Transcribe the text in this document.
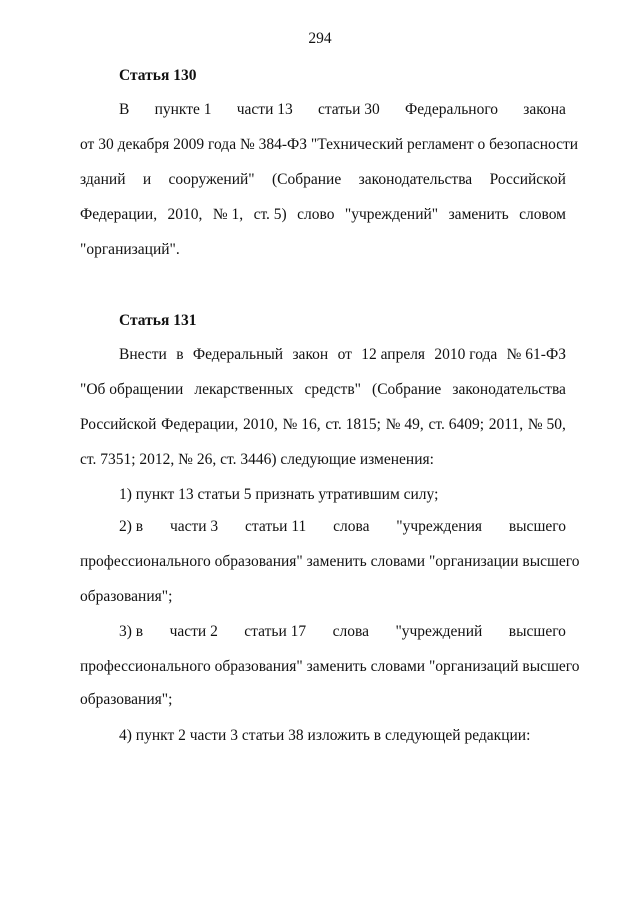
294
Статья 130
В пункте 1 части 13 статьи 30 Федерального закона
от 30 декабря 2009 года № 384-ФЗ "Технический регламент о безопасности
зданий и сооружений" (Собрание законодательства Российской
Федерации, 2010, № 1, ст. 5) слово "учреждений" заменить словом
"организаций".
Статья 131
Внести в Федеральный закон от 12 апреля 2010 года № 61-ФЗ
"Об обращении лекарственных средств" (Собрание законодательства
Российской Федерации, 2010, № 16, ст. 1815; № 49, ст. 6409; 2011, № 50,
ст. 7351; 2012, № 26, ст. 3446) следующие изменения:
1) пункт 13 статьи 5 признать утратившим силу;
2) в части 3 статьи 11 слова "учреждения высшего
профессионального образования" заменить словами "организации высшего
образования";
3) в части 2 статьи 17 слова "учреждений высшего
профессионального образования" заменить словами "организаций высшего
образования";
4) пункт 2 части 3 статьи 38 изложить в следующей редакции:
